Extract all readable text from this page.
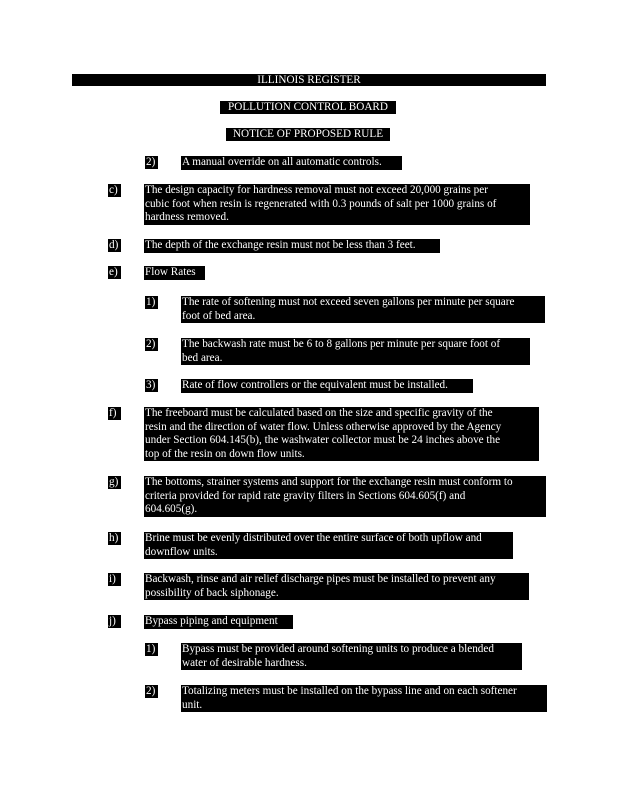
ILLINOIS REGISTER
POLLUTION CONTROL BOARD
NOTICE OF PROPOSED RULE
2) A manual override on all automatic controls.
c) The design capacity for hardness removal must not exceed 20,000 grains per
cubic foot when resin is regenerated with 0.3 pounds of salt per 1000 grains of
hardness removed.
d) The depth of the exchange resin must not be less than 3 feet.
e) Flow Rates
1) The rate of softening must not exceed seven gallons per minute per square
foot of bed area.
2) The backwash rate must be 6 to 8 gallons per minute per square foot of
bed area.
3) Rate of flow controllers or the equivalent must be installed.
f)	The freeboard must be calculated based on the size and specific gravity of the
resin and the direction of water flow. Unless otherwise approved by the Agency
under Section 604.145(b), the washwater collector must be 24 inches above the
top of the resin on down flow units.
g) The bottoms, strainer systems and support for the exchange resin must conform to
criteria provided for rapid rate gravity filters in Sections 604.605(f) and
604.605(g).
h) Brine must be evenly distributed over the entire surface of both upflow and
downflow units.
i)	Backwash, rinse and air relief discharge pipes must be installed to prevent any
possibility of back siphonage.
j)	Bypass piping and equipment
1) Bypass must be provided around softening units to produce a blended
water of desirable hardness.
2) Totalizing meters must be installed on the bypass line and on each softener
unit.
